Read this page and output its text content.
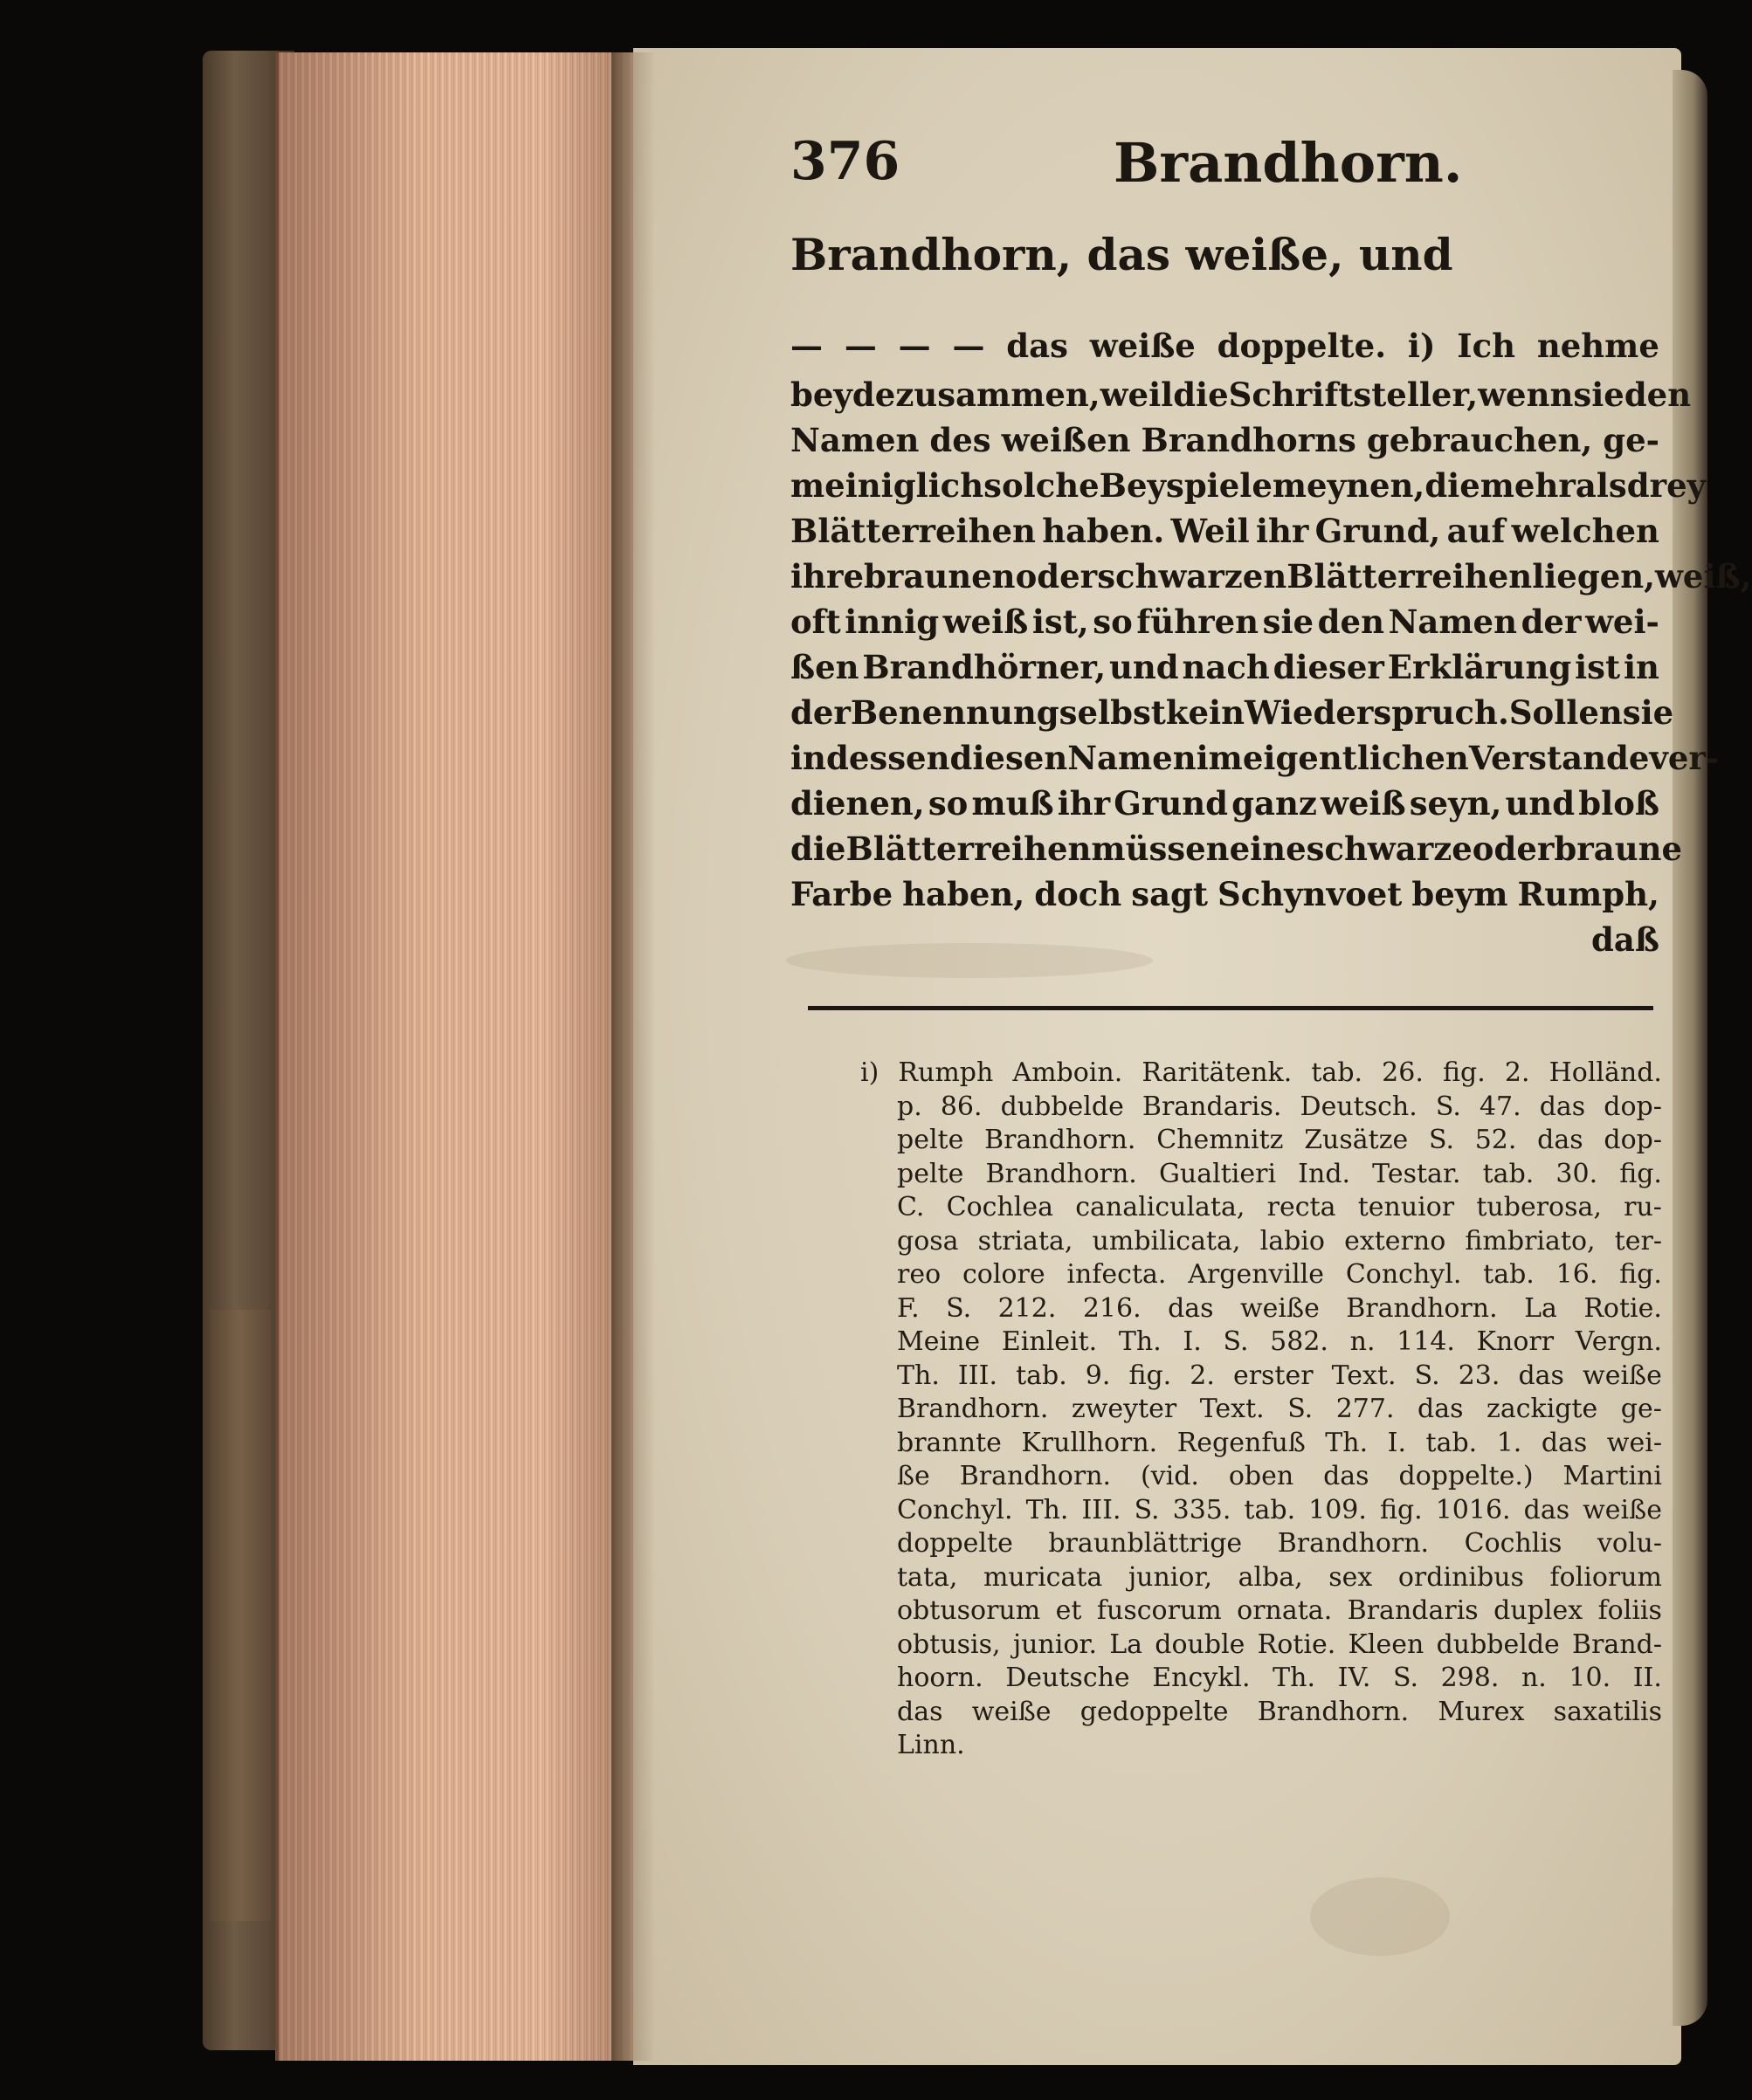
376	Brandhorn.
Brandhorn, das weiße, und
— — — — das weiße doppelte. i) Ich nehme
beyde zusammen, weil die Schriftsteller, wenn sie den
Namen des weißen Brandhorns gebrauchen, ge-
meiniglich solche Beyspiele meynen, die mehr als drey
Blätterreihen haben. Weil ihr Grund, auf welchen
ihre braunen oder schwarzen Blätterreihen liegen, weiß,
oft innig weiß ist, so führen sie den Namen der wei-
ßen Brandhörner, und nach dieser Erklärung ist in
der Benennung selbst kein Wiederspruch. Sollen sie
indessen diesen Namen im eigentlichen Verstande ver-
dienen, so muß ihr Grund ganz weiß seyn, und bloß
die Blätterreihen müssen eine schwarze oder braune
Farbe haben, doch sagt Schynvoet beym Rumph,
daß
i) Rumph Amboin. Raritätenk. tab. 26. fig. 2. Holländ.
p. 86. dubbelde Brandaris. Deutsch. S. 47. das dop-
pelte Brandhorn. Chemnitz Zusätze S. 52. das dop-
pelte Brandhorn. Gualtieri Ind. Testar. tab. 30. fig.
C. Cochlea canaliculata, recta tenuior tuberosa, ru-
gosa striata, umbilicata, labio externo fimbriato, ter-
reo colore infecta. Argenville Conchyl. tab. 16. fig.
F. S. 212. 216. das weiße Brandhorn. La Rotie.
Meine Einleit. Th. I. S. 582. n. 114. Knorr Vergn.
Th. III. tab. 9. fig. 2. erster Text. S. 23. das weiße
Brandhorn. zweyter Text. S. 277. das zackigte ge-
brannte Krullhorn. Regenfuß Th. I. tab. 1. das wei-
ße Brandhorn. (vid. oben das doppelte.) Martini
Conchyl. Th. III. S. 335. tab. 109. fig. 1016. das weiße
doppelte braunblättrige Brandhorn. Cochlis volu-
tata, muricata junior, alba, sex ordinibus foliorum
obtusorum et fuscorum ornata. Brandaris duplex foliis
obtusis, junior. La double Rotie. Kleen dubbelde Brand-
hoorn. Deutsche Encykl. Th. IV. S. 298. n. 10. II.
das weiße gedoppelte Brandhorn. Murex saxatilis
Linn.
